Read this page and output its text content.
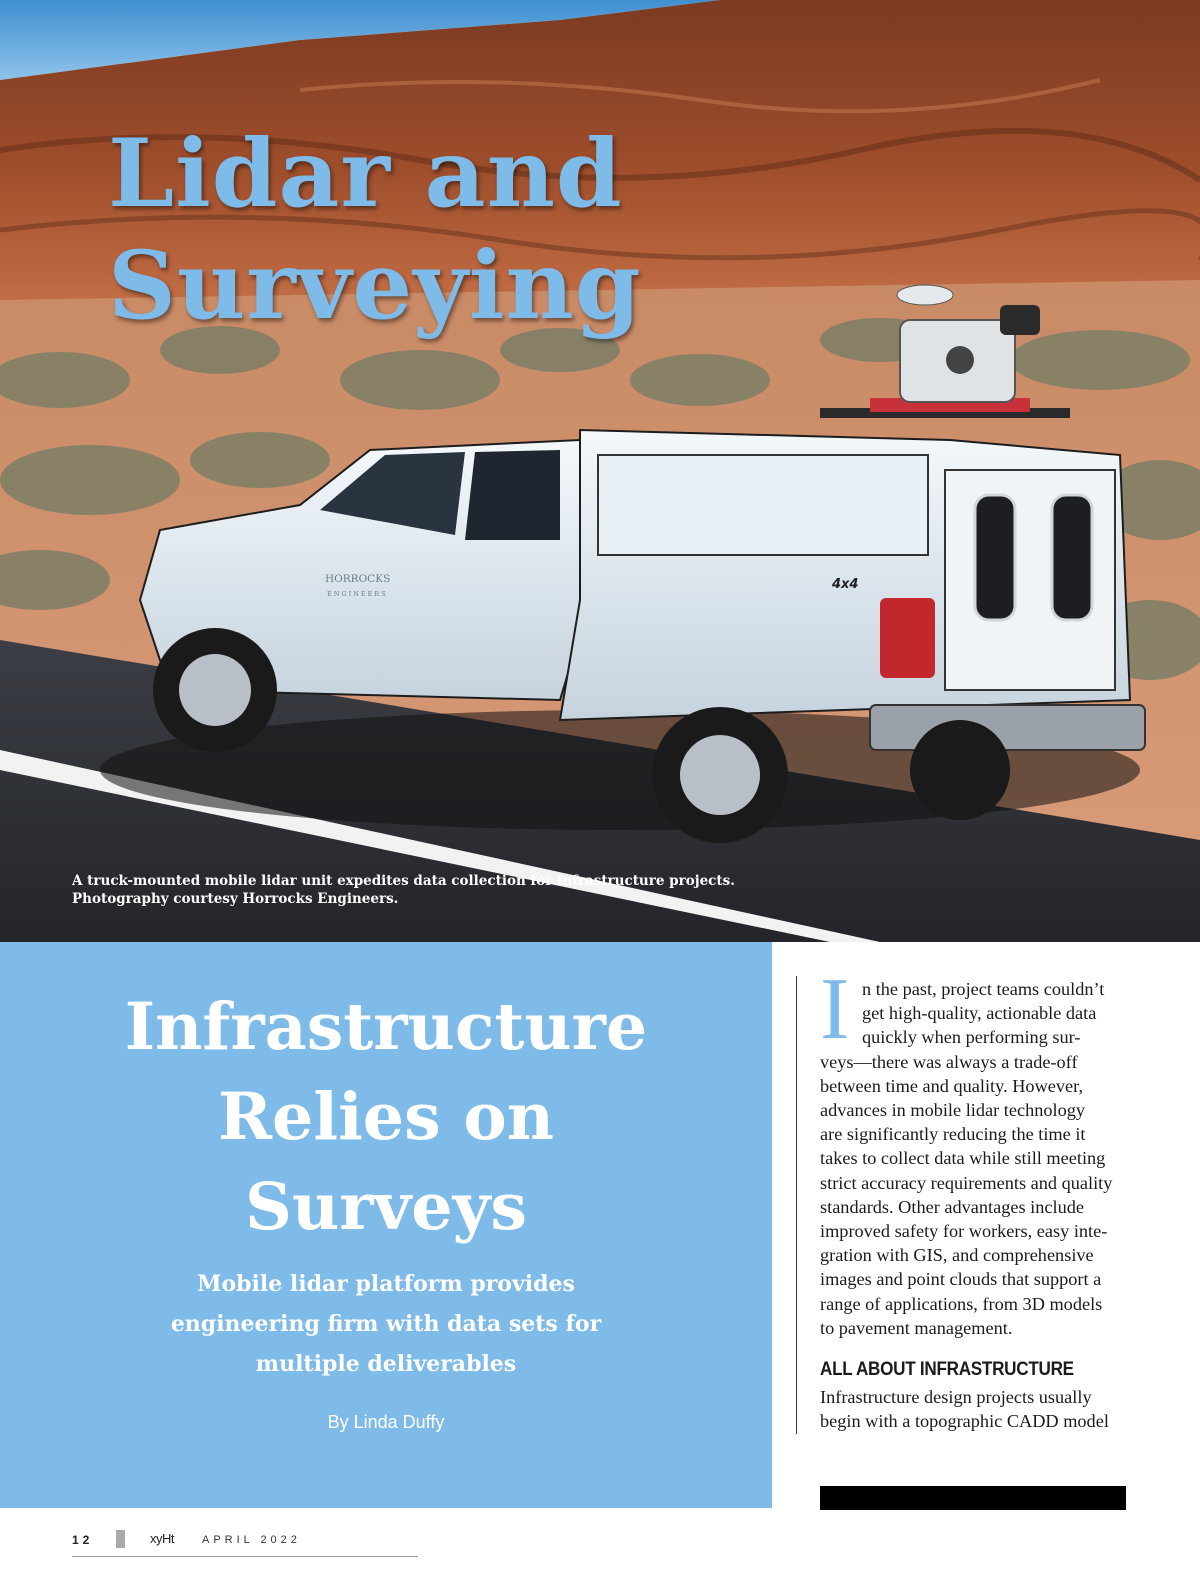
HORROCKS
ENGINEERS
4x4
Lidar and
Surveying
A truck-mounted mobile lidar unit expedites data collection for infrastructure projects.
Photography courtesy Horrocks Engineers.
Infrastructure
Relies on
Surveys

Mobile lidar platform provides
engineering firm with data sets for
multiple deliverables

By Linda Duffy
I n the past, project teams couldn’t
get high-quality, actionable data
quickly when performing sur-
veys—there was always a trade-off
between time and quality. However,
advances in mobile lidar technology
are significantly reducing the time it
takes to collect data while still meeting
strict accuracy requirements and quality
standards. Other advantages include
improved safety for workers, easy inte-
gration with GIS, and comprehensive
images and point clouds that support a
range of applications, from 3D models
to pavement management.

ALL ABOUT INFRASTRUCTURE
Infrastructure design projects usually
begin with a topographic CADD model
12	xyHt	APRIL 2022
